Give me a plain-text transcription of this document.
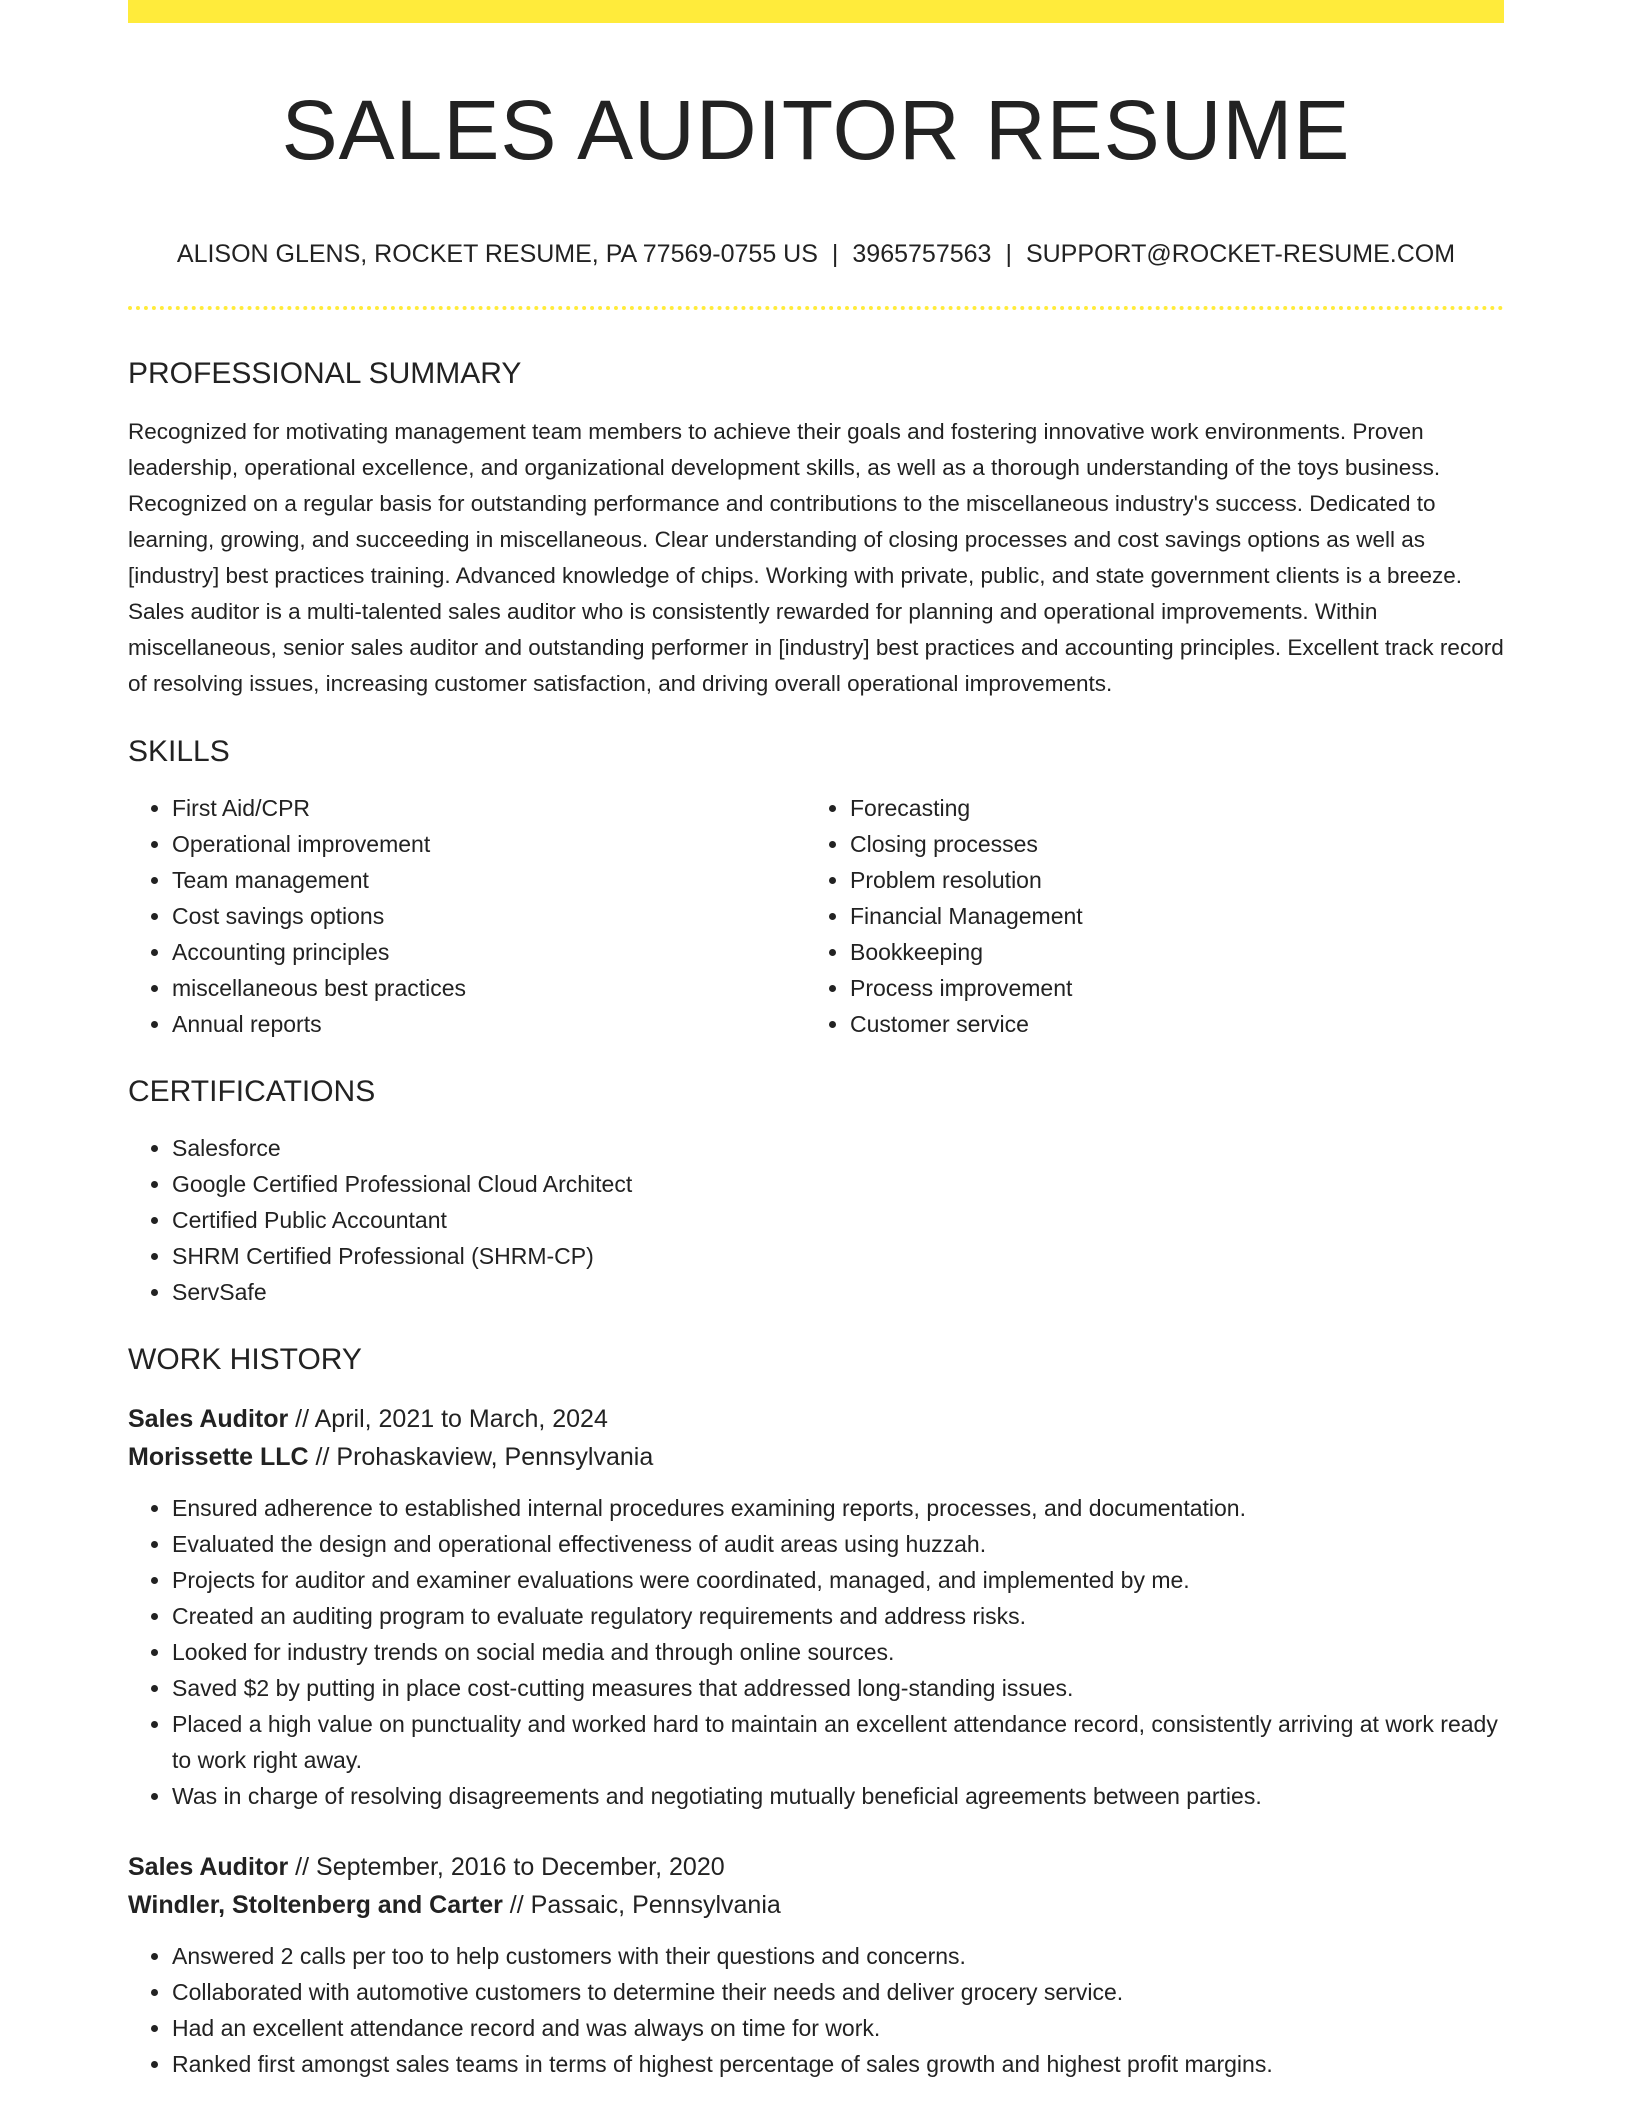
SALES AUDITOR RESUME
ALISON GLENS, ROCKET RESUME, PA 77569-0755 US | 3965757563 | SUPPORT@ROCKET-RESUME.COM
PROFESSIONAL SUMMARY

Recognized for motivating management team members to achieve their goals and fostering innovative work environments. Proven leadership, operational excellence, and organizational development skills, as well as a thorough understanding of the toys business. Recognized on a regular basis for outstanding performance and contributions to the miscellaneous industry's success. Dedicated to learning, growing, and succeeding in miscellaneous. Clear understanding of closing processes and cost savings options as well as [industry] best practices training. Advanced knowledge of chips. Working with private, public, and state government clients is a breeze. Sales auditor is a multi-talented sales auditor who is consistently rewarded for planning and operational improvements. Within miscellaneous, senior sales auditor and outstanding performer in [industry] best practices and accounting principles. Excellent track record of resolving issues, increasing customer satisfaction, and driving overall operational improvements.

SKILLS
• First Aid/CPR
• Operational improvement
• Team management
• Cost savings options
• Accounting principles
• miscellaneous best practices
• Annual reports
• Forecasting
• Closing processes
• Problem resolution
• Financial Management
• Bookkeeping
• Process improvement
• Customer service
CERTIFICATIONS
• Salesforce
• Google Certified Professional Cloud Architect
• Certified Public Accountant
• SHRM Certified Professional (SHRM-CP)
• ServSafe
WORK HISTORY
Sales Auditor // April, 2021 to March, 2024
Morissette LLC // Prohaskaview, Pennsylvania
• Ensured adherence to established internal procedures examining reports, processes, and documentation.
• Evaluated the design and operational effectiveness of audit areas using huzzah.
• Projects for auditor and examiner evaluations were coordinated, managed, and implemented by me.
• Created an auditing program to evaluate regulatory requirements and address risks.
• Looked for industry trends on social media and through online sources.
• Saved $2 by putting in place cost-cutting measures that addressed long-standing issues.
• Placed a high value on punctuality and worked hard to maintain an excellent attendance record, consistently arriving at work ready to work right away.
• Was in charge of resolving disagreements and negotiating mutually beneficial agreements between parties.
Sales Auditor // September, 2016 to December, 2020
Windler, Stoltenberg and Carter // Passaic, Pennsylvania
• Answered 2 calls per too to help customers with their questions and concerns.
• Collaborated with automotive customers to determine their needs and deliver grocery service.
• Had an excellent attendance record and was always on time for work.
• Ranked first amongst sales teams in terms of highest percentage of sales growth and highest profit margins.
